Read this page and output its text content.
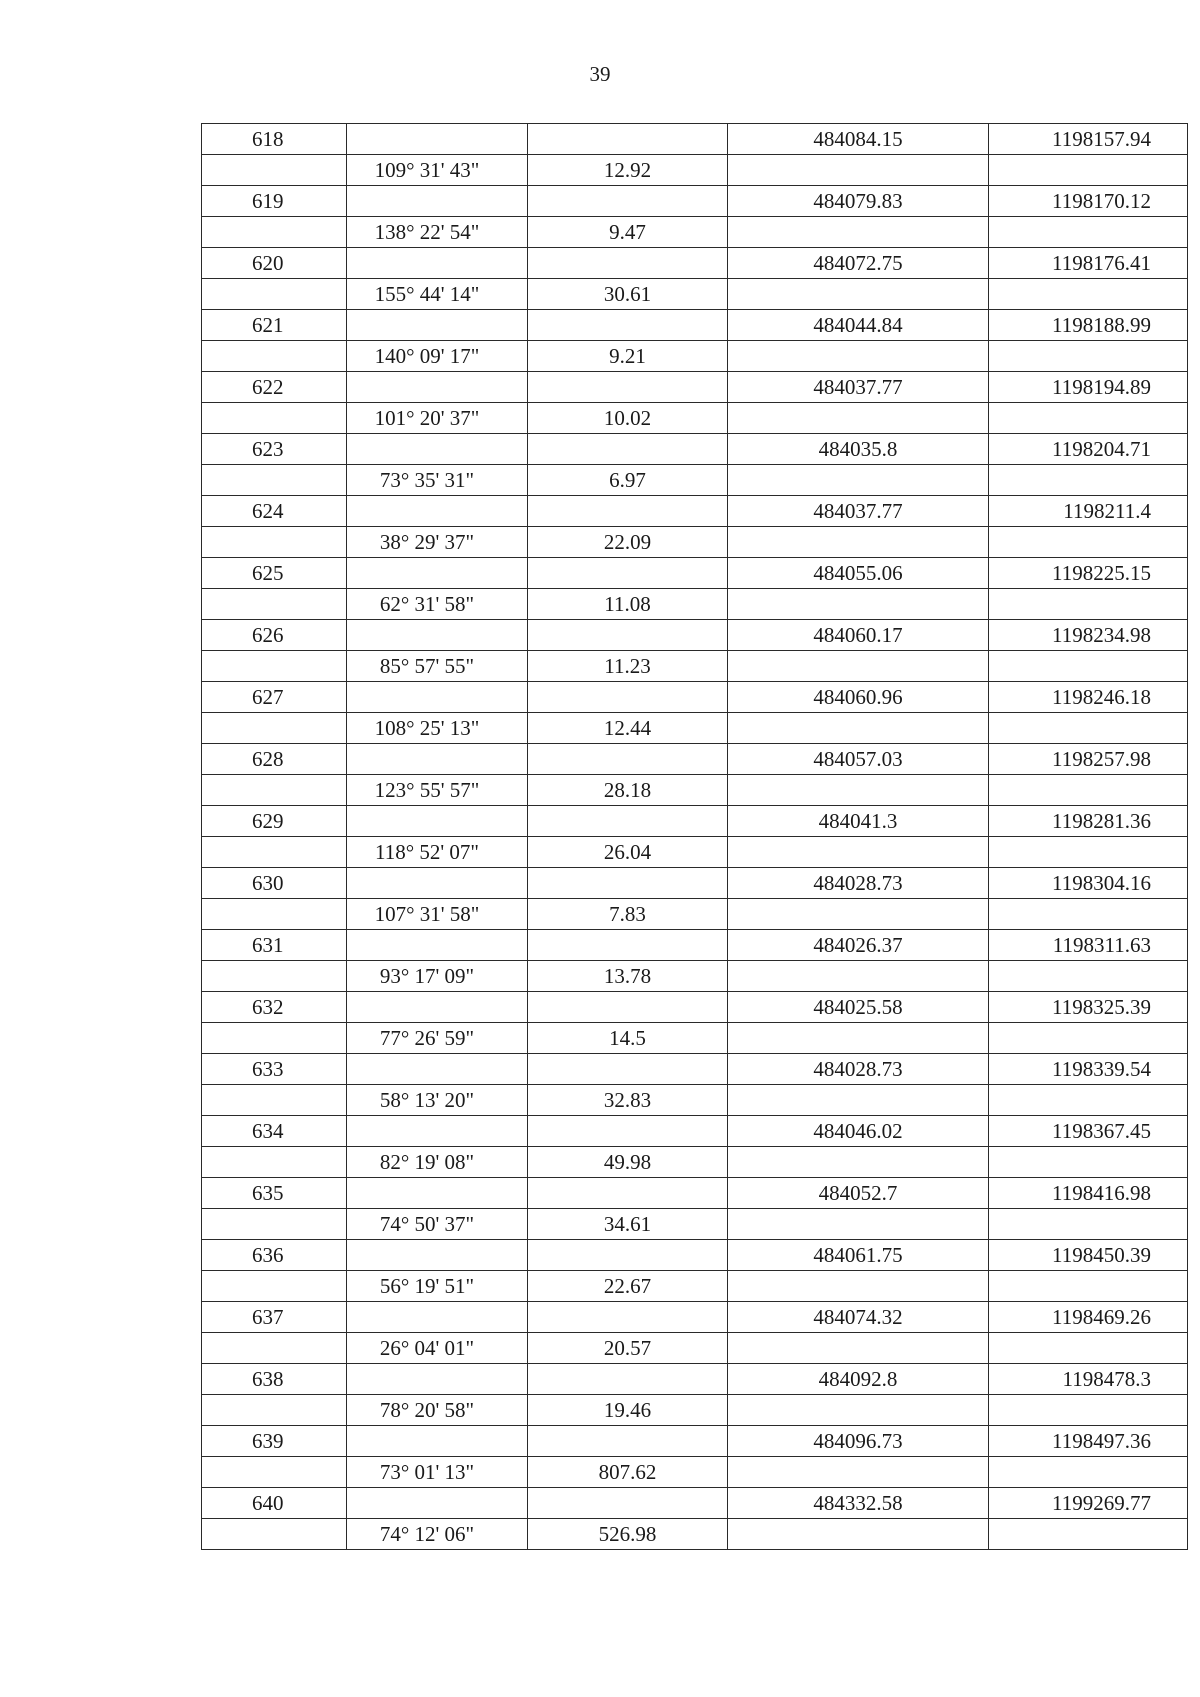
39
618			484084.15	1198157.94
	109° 31' 43"	12.92		
619			484079.83	1198170.12
	138° 22' 54"	9.47		
620			484072.75	1198176.41
	155° 44' 14"	30.61		
621			484044.84	1198188.99
	140° 09' 17"	9.21		
622			484037.77	1198194.89
	101° 20' 37"	10.02		
623			484035.8	1198204.71
	73° 35' 31"	6.97		
624			484037.77	1198211.4
	38° 29' 37"	22.09		
625			484055.06	1198225.15
	62° 31' 58"	11.08		
626			484060.17	1198234.98
	85° 57' 55"	11.23		
627			484060.96	1198246.18
	108° 25' 13"	12.44		
628			484057.03	1198257.98
	123° 55' 57"	28.18		
629			484041.3	1198281.36
	118° 52' 07"	26.04		
630			484028.73	1198304.16
	107° 31' 58"	7.83		
631			484026.37	1198311.63
	93° 17' 09"	13.78		
632			484025.58	1198325.39
	77° 26' 59"	14.5		
633			484028.73	1198339.54
	58° 13' 20"	32.83		
634			484046.02	1198367.45
	82° 19' 08"	49.98		
635			484052.7	1198416.98
	74° 50' 37"	34.61		
636			484061.75	1198450.39
	56° 19' 51"	22.67		
637			484074.32	1198469.26
	26° 04' 01"	20.57		
638			484092.8	1198478.3
	78° 20' 58"	19.46		
639			484096.73	1198497.36
	73° 01' 13"	807.62		
640			484332.58	1199269.77
	74° 12' 06"	526.98		
